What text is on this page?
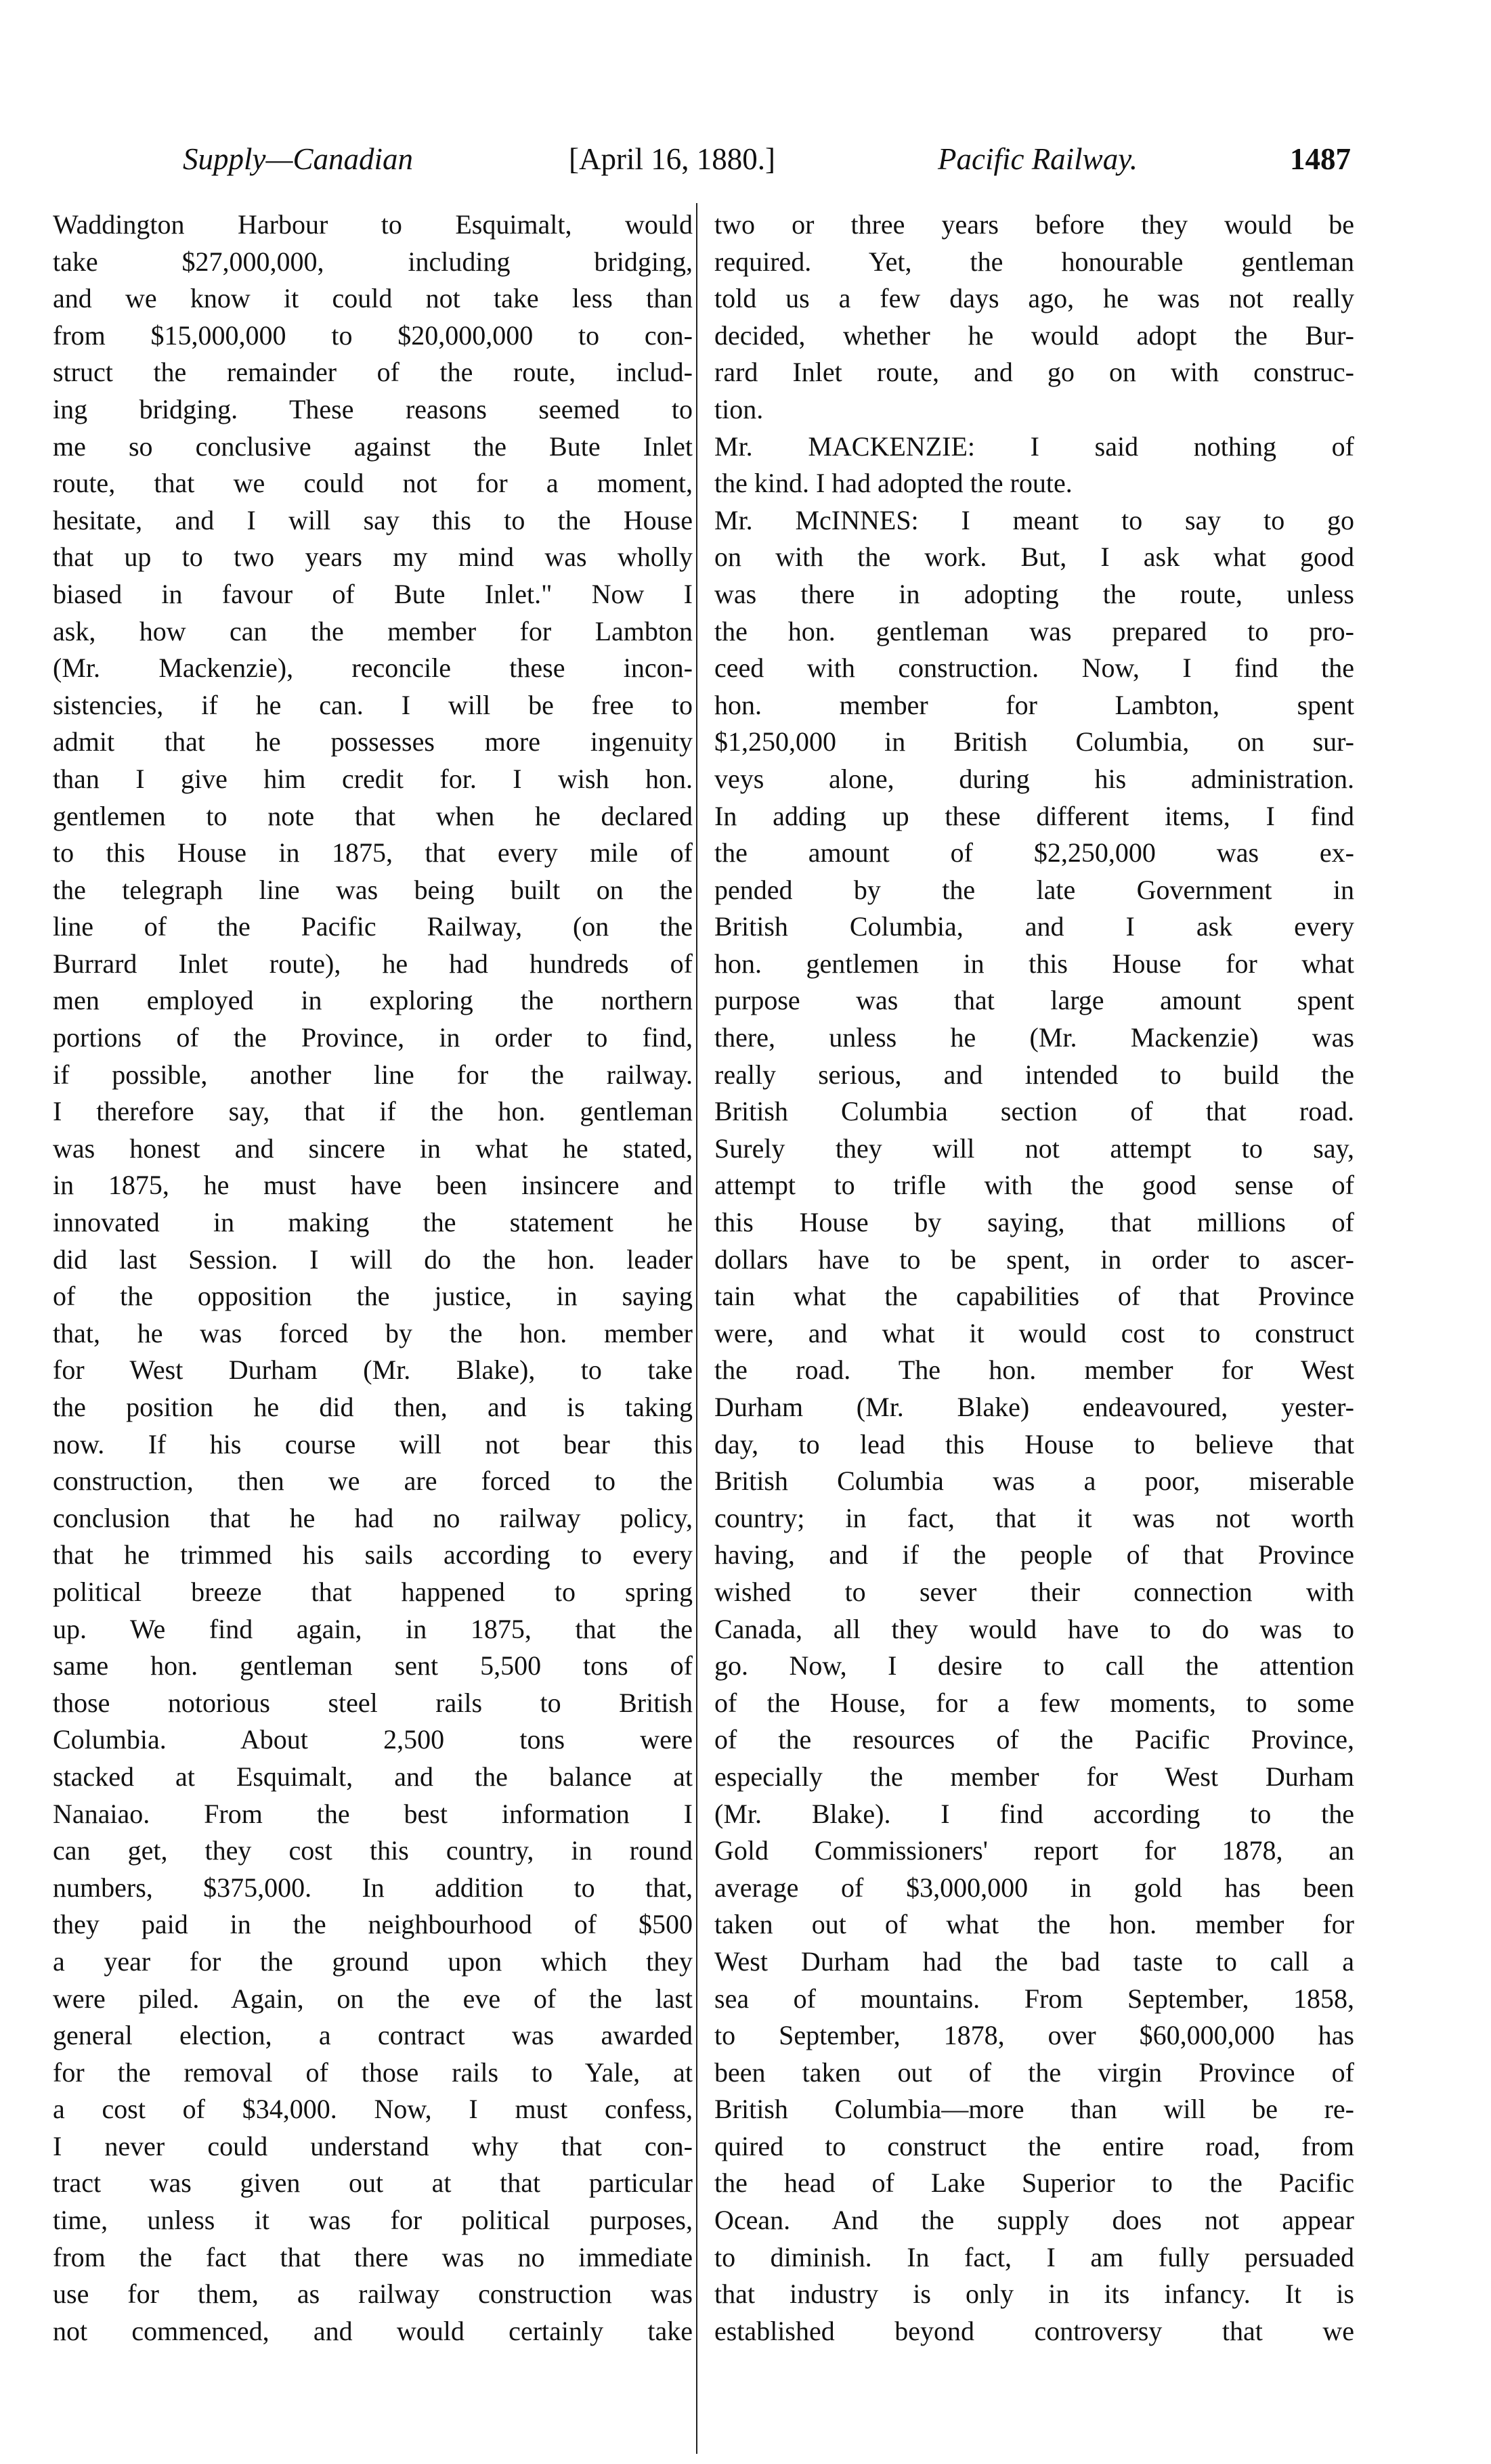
Supply—Canadian	[April 16, 1880.]	Pacific Railway.	1487
Waddington Harbour to Esquimalt, would
take $27,000,000, including bridging,
and we know it could not take less than
from $15,000,000 to $20,000,000 to con-
struct the remainder of the route, includ-
ing bridging. These reasons seemed to
me so conclusive against the Bute Inlet
route, that we could not for a moment,
hesitate, and I will say this to the House
that up to two years my mind was wholly
biased in favour of Bute Inlet." Now I
ask, how can the member for Lambton
(Mr. Mackenzie), reconcile these incon-
sistencies, if he can. I will be free to
admit that he possesses more ingenuity
than I give him credit for. I wish hon.
gentlemen to note that when he declared
to this House in 1875, that every mile of
the telegraph line was being built on the
line of the Pacific Railway, (on the
Burrard Inlet route), he had hundreds of
men employed in exploring the northern
portions of the Province, in order to find,
if possible, another line for the railway.
I therefore say, that if the hon. gentleman
was honest and sincere in what he stated,
in 1875, he must have been insincere and
innovated in making the statement he
did last Session. I will do the hon. leader
of the opposition the justice, in saying
that, he was forced by the hon. member
for West Durham (Mr. Blake), to take
the position he did then, and is taking
now. If his course will not bear this
construction, then we are forced to the
conclusion that he had no railway policy,
that he trimmed his sails according to every
political breeze that happened to spring
up. We find again, in 1875, that the
same hon. gentleman sent 5,500 tons of
those notorious steel rails to British
Columbia. About 2,500 tons were
stacked at Esquimalt, and the balance at
Nanaiao. From the best information I
can get, they cost this country, in round
numbers, $375,000. In addition to that,
they paid in the neighbourhood of $500
a year for the ground upon which they
were piled. Again, on the eve of the last
general election, a contract was awarded
for the removal of those rails to Yale, at
a cost of $34,000. Now, I must confess,
I never could understand why that con-
tract was given out at that particular
time, unless it was for political purposes,
from the fact that there was no immediate
use for them, as railway construction was
not commenced, and would certainly take
two or three years before they would be
required. Yet, the honourable gentleman
told us a few days ago, he was not really
decided, whether he would adopt the Bur-
rard Inlet route, and go on with construc-
tion.
Mr. MACKENZIE: I said nothing of
the kind. I had adopted the route.
Mr. McINNES: I meant to say to go
on with the work. But, I ask what good
was there in adopting the route, unless
the hon. gentleman was prepared to pro-
ceed with construction. Now, I find the
hon. member for Lambton, spent
$1,250,000 in British Columbia, on sur-
veys alone, during his administration.
In adding up these different items, I find
the amount of $2,250,000 was ex-
pended by the late Government in
British Columbia, and I ask every
hon. gentlemen in this House for what
purpose was that large amount spent
there, unless he (Mr. Mackenzie) was
really serious, and intended to build the
British Columbia section of that road.
Surely they will not attempt to say,
attempt to trifle with the good sense of
this House by saying, that millions of
dollars have to be spent, in order to ascer-
tain what the capabilities of that Province
were, and what it would cost to construct
the road. The hon. member for West
Durham (Mr. Blake) endeavoured, yester-
day, to lead this House to believe that
British Columbia was a poor, miserable
country; in fact, that it was not worth
having, and if the people of that Province
wished to sever their connection with
Canada, all they would have to do was to
go. Now, I desire to call the attention
of the House, for a few moments, to some
of the resources of the Pacific Province,
especially the member for West Durham
(Mr. Blake). I find according to the
Gold Commissioners' report for 1878, an
average of $3,000,000 in gold has been
taken out of what the hon. member for
West Durham had the bad taste to call a
sea of mountains. From September, 1858,
to September, 1878, over $60,000,000 has
been taken out of the virgin Province of
British Columbia—more than will be re-
quired to construct the entire road, from
the head of Lake Superior to the Pacific
Ocean. And the supply does not appear
to diminish. In fact, I am fully persuaded
that industry is only in its infancy. It is
established beyond controversy that we
